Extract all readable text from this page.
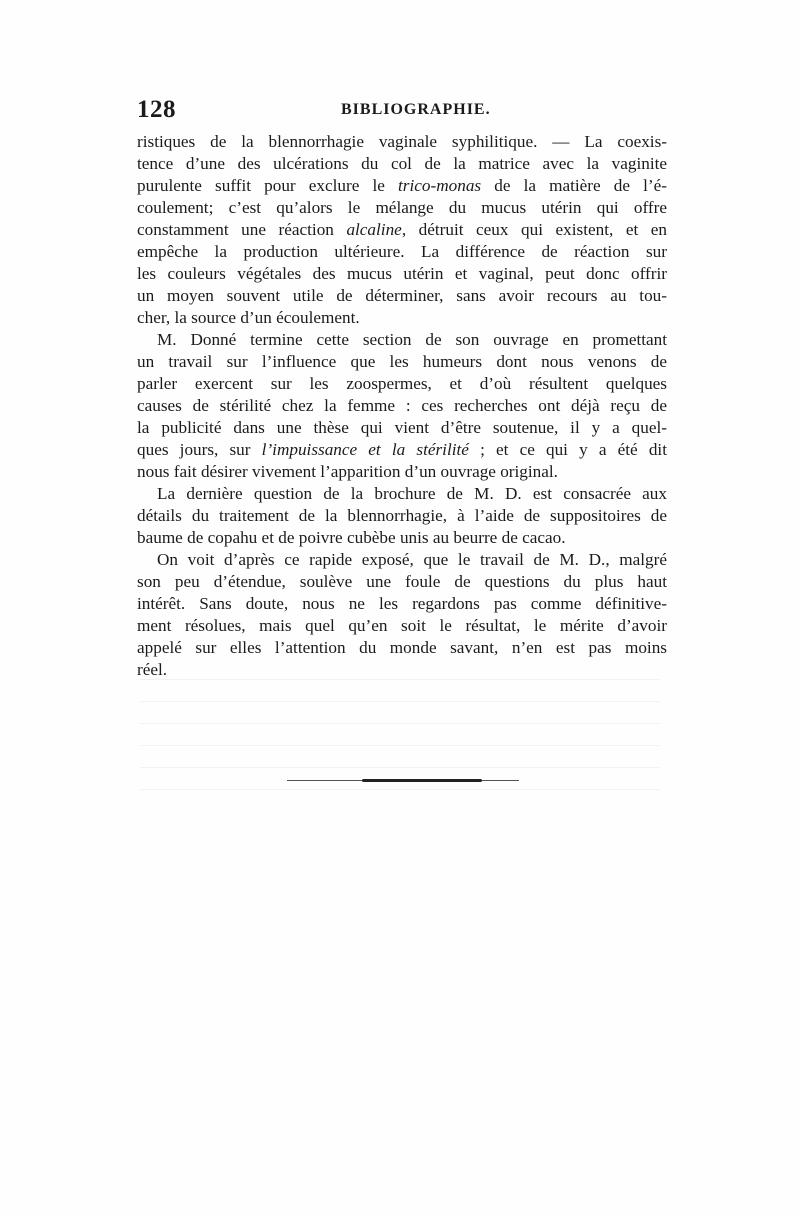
128	BIBLIOGRAPHIE.
ristiques de la blennorrhagie vaginale syphilitique. — La coexis-
tence d’une des ulcérations du col de la matrice avec la vaginite
purulente suffit pour exclure le trico-monas de la matière de l’é-
coulement; c’est qu’alors le mélange du mucus utérin qui offre
constamment une réaction alcaline, détruit ceux qui existent, et en
empêche la production ultérieure. La différence de réaction sur
les couleurs végétales des mucus utérin et vaginal, peut donc offrir
un moyen souvent utile de déterminer, sans avoir recours au tou-
cher, la source d’un écoulement.
M. Donné termine cette section de son ouvrage en promettant
un travail sur l’influence que les humeurs dont nous venons de
parler exercent sur les zoospermes, et d’où résultent quelques
causes de stérilité chez la femme : ces recherches ont déjà reçu de
la publicité dans une thèse qui vient d’être soutenue, il y a quel-
ques jours, sur l’impuissance et la stérilité ; et ce qui y a été dit
nous fait désirer vivement l’apparition d’un ouvrage original.
La dernière question de la brochure de M. D. est consacrée aux
détails du traitement de la blennorrhagie, à l’aide de suppositoires de
baume de copahu et de poivre cubèbe unis au beurre de cacao.
On voit d’après ce rapide exposé, que le travail de M. D., malgré
son peu d’étendue, soulève une foule de questions du plus haut
intérêt. Sans doute, nous ne les regardons pas comme définitive-
ment résolues, mais quel qu’en soit le résultat, le mérite d’avoir
appelé sur elles l’attention du monde savant, n’en est pas moins
réel.
